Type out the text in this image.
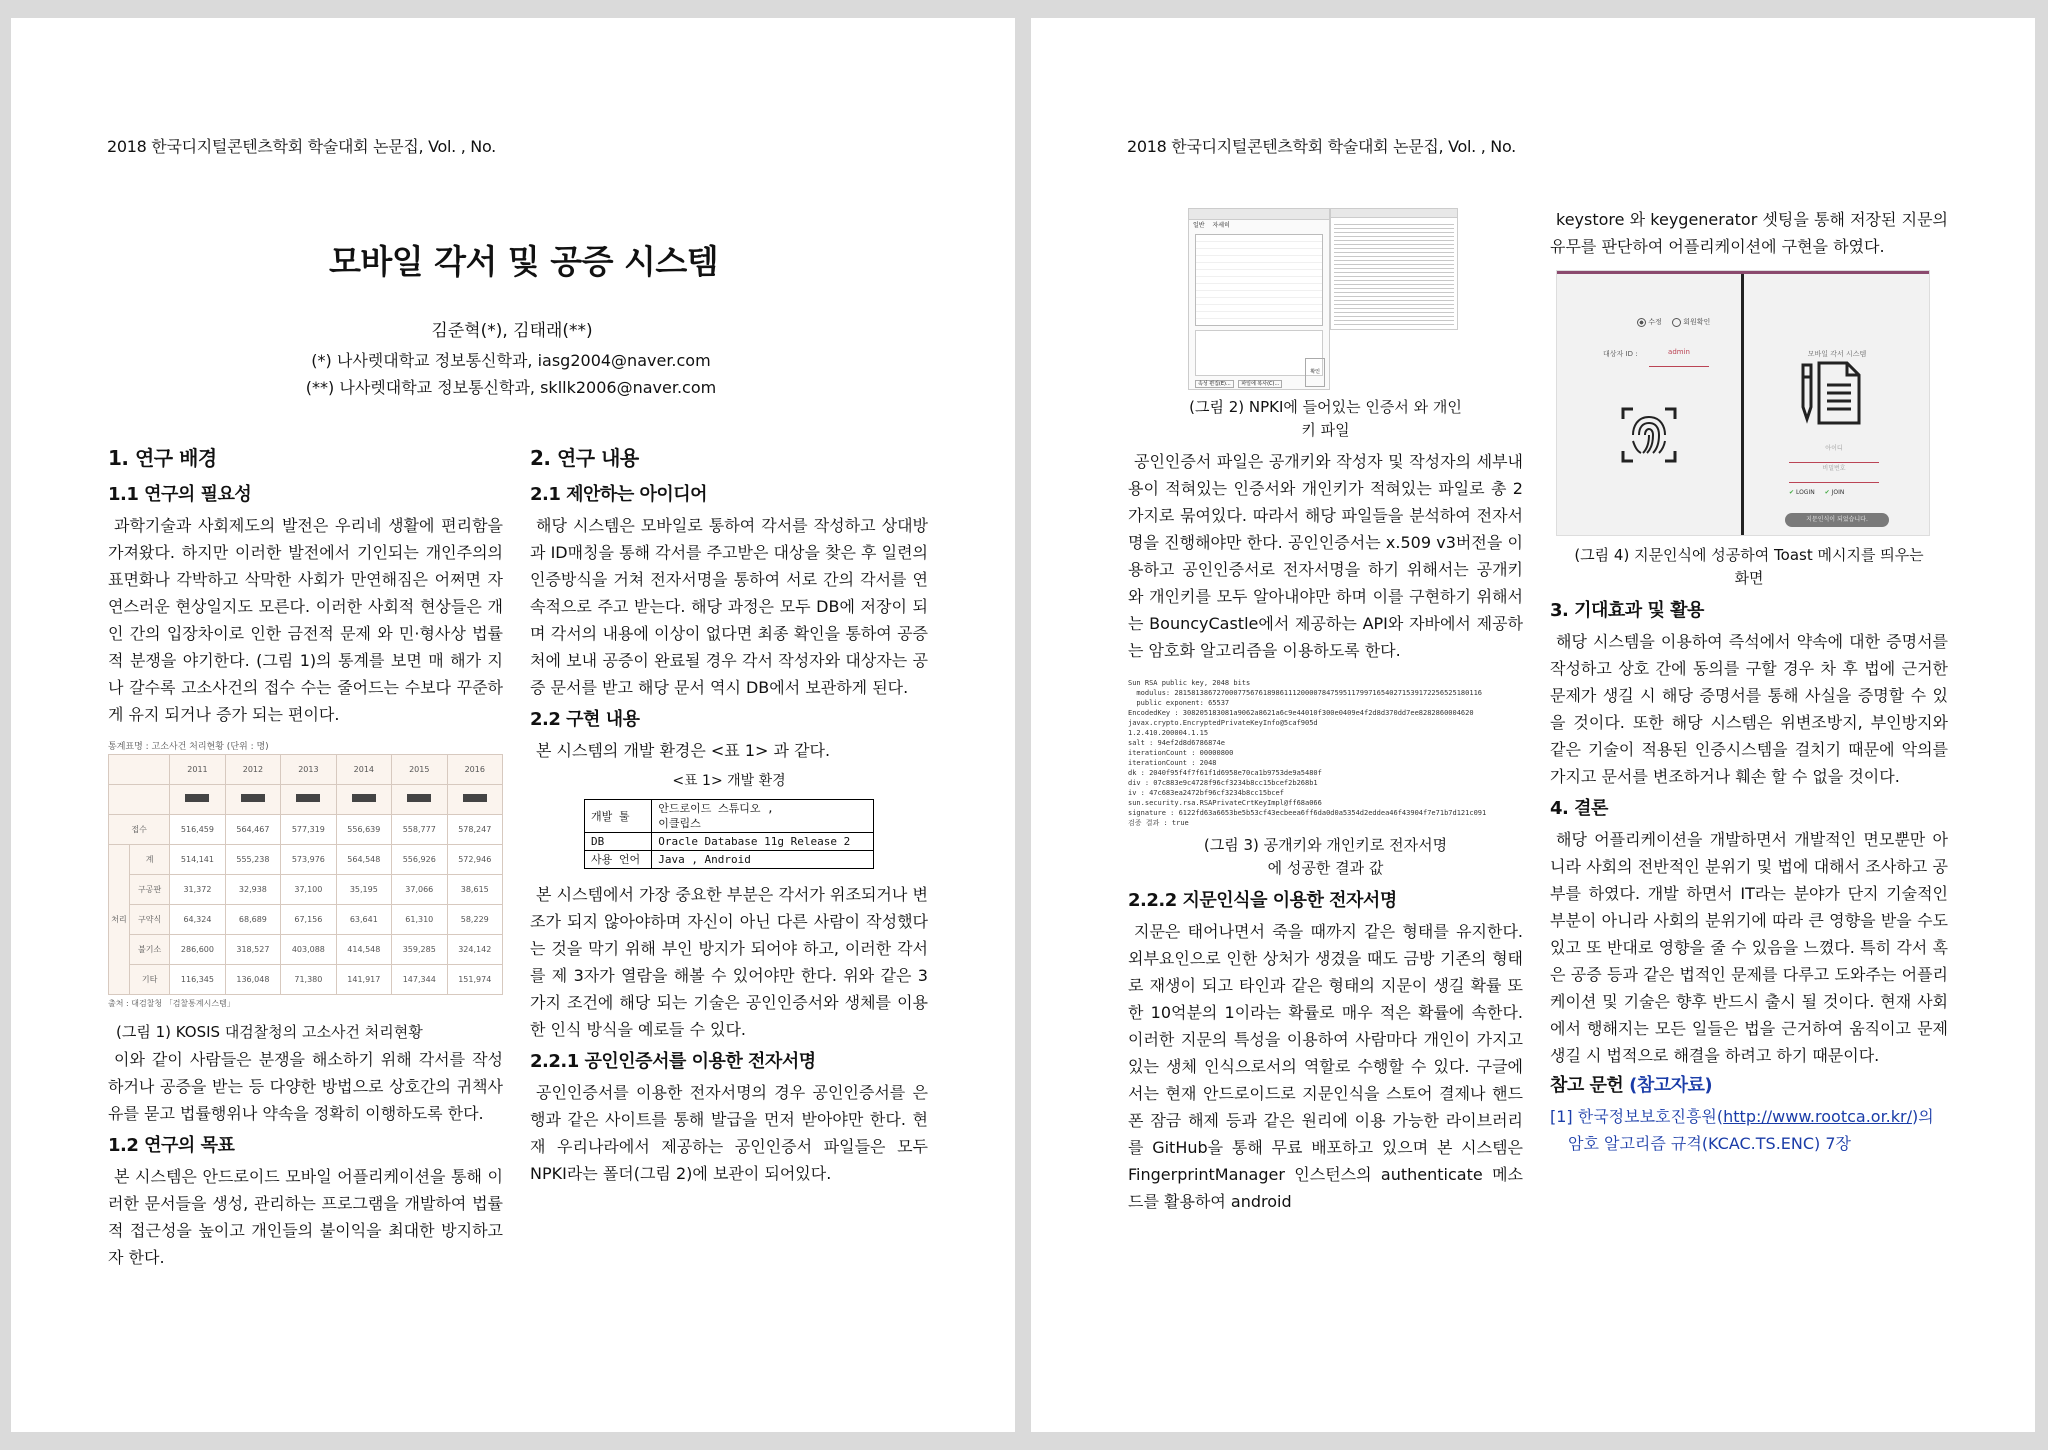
2018 한국디지털콘텐츠학회 학술대회 논문집, Vol. , No.
모바일 각서 및 공증 시스템
김준혁(*), 김태래(**)
(*) 나사렛대학교 정보통신학과, iasg2004@naver.com
(**) 나사렛대학교 정보통신학과, skllk2006@naver.com
1. 연구 배경
1.1 연구의 필요성

과학기술과 사회제도의 발전은 우리네 생활에 편리함을 가져왔다. 하지만 이러한 발전에서 기인되는 개인주의의 표면화나 각박하고 삭막한 사회가 만연해짐은 어쩌면 자연스러운 현상일지도 모른다. 이러한 사회적 현상들은 개인 간의 입장차이로 인한 금전적 문제 와 민·형사상 법률적 분쟁을 야기한다. (그림 1)의 통계를 보면 매 해가 지나 갈수록 고소사건의 접수 수는 줄어드는 수보다 꾸준하게 유지 되거나 증가 되는 편이다.

통계표명 : 고소사건 처리현황 (단위 : 명)
		2011	2012	2013	2014	2015	2016

접수		516,459	564,467	577,319	556,639	558,777	578,247
처리	계	514,141	555,238	573,976	564,548	556,926	572,946
	구공판	31,372	32,938	37,100	35,195	37,066	38,615
	구약식	64,324	68,689	67,156	63,641	61,310	58,229
	불기소	286,600	318,527	403,088	414,548	359,285	324,142
	기타	116,345	136,048	71,380	141,917	147,344	151,974
출처 : 대검찰청 「검찰통계시스템」
(그림 1) KOSIS 대검찰청의 고소사건 처리현황

이와 같이 사람들은 분쟁을 해소하기 위해 각서를 작성하거나 공증을 받는 등 다양한 방법으로 상호간의 귀책사유를 묻고 법률행위나 약속을 정확히 이행하도록 한다.

1.2 연구의 목표

본 시스템은 안드로이드 모바일 어플리케이션을 통해 이러한 문서들을 생성, 관리하는 프로그램을 개발하여 법률적 접근성을 높이고 개인들의 불이익을 최대한 방지하고자 한다.

2. 연구 내용
2.1 제안하는 아이디어

해당 시스템은 모바일로 통하여 각서를 작성하고 상대방과 ID매칭을 통해 각서를 주고받은 대상을 찾은 후 일련의 인증방식을 거쳐 전자서명을 통하여 서로 간의 각서를 연속적으로 주고 받는다. 해당 과정은 모두 DB에 저장이 되며 각서의 내용에 이상이 없다면 최종 확인을 통하여 공증처에 보내 공증이 완료될 경우 각서 작성자와 대상자는 공증 문서를 받고 해당 문서 역시 DB에서 보관하게 된다.

2.2 구현 내용

본 시스템의 개발 환경은 <표 1> 과 같다.

<표 1> 개발 환경
개발 툴	안드로이드 스튜디오 ,
이클립스
DB	Oracle Database 11g Release 2
사용 언어	Java , Android

본 시스템에서 가장 중요한 부분은 각서가 위조되거나 변조가 되지 않아야하며 자신이 아닌 다른 사람이 작성했다는 것을 막기 위해 부인 방지가 되어야 하고, 이러한 각서를 제 3자가 열람을 해볼 수 있어야만 한다. 위와 같은 3가지 조건에 해당 되는 기술은 공인인증서와 생체를 이용한 인식 방식을 예로들 수 있다.

2.2.1 공인인증서를 이용한 전자서명

공인인증서를 이용한 전자서명의 경우 공인인증서를 은행과 같은 사이트를 통해 발급을 먼저 받아야만 한다. 현재 우리나라에서 제공하는 공인인증서 파일들은 모두 NPKI라는 폴더(그림 2)에 보관이 되어있다.

2018 한국디지털콘텐츠학회 학술대회 논문집, Vol. , No.
일반 자세히
속성 편집(E)... 파일에 복사(C)...
확인
(그림 2) NPKI에 들어있는 인증서 와 개인키 파일

공인인증서 파일은 공개키와 작성자 및 작성자의 세부내용이 적혀있는 인증서와 개인키가 적혀있는 파일로 총 2가지로 묶여있다. 따라서 해당 파일들을 분석하여 전자서명을 진행해야만 한다. 공인인증서는 x.509 v3버전을 이용하고 공인인증서로 전자서명을 하기 위해서는 공개키와 개인키를 모두 알아내야만 하며 이를 구현하기 위해서는 BouncyCastle에서 제공하는 API와 자바에서 제공하는 암호화 알고리즘을 이용하도록 한다.

Sun RSA public key, 2048 bits
modulus: 2815813867270007756761898611120000784759511799716540271539172256525180116
public exponent: 65537
EncodedKey : 308205183081a9062a8621a6c9e44010f300e0409e4f2d8d370dd7ee8282860004620
javax.crypto.EncryptedPrivateKeyInfo@5caf905d
1.2.410.200004.1.15
salt : 94ef2d8d6786874e
iterationCount : 00000800
iterationCount : 2048
dk : 2040f95f4f7f61f1d6958e70ca1b9753de9a5480f
div : 07c883e9c4728f96cf3234b8cc15bcef2b268b1
iv : 47c683ea2472bf96cf3234b8cc15bcef
sun.security.rsa.RSAPrivateCrtKeyImpl@ff68a066
signature : 6122fd63a6653be5b53cf43ecbeea6ff6da0d0a5354d2eddea46f43904f7e71b7d121c091
검증 결과 : true
(그림 3) 공개키와 개인키로 전자서명에 성공한 결과 값
2.2.2 지문인식을 이용한 전자서명

지문은 태어나면서 죽을 때까지 같은 형태를 유지한다. 외부요인으로 인한 상처가 생겼을 때도 금방 기존의 형태로 재생이 되고 타인과 같은 형태의 지문이 생길 확률 또한 10억분의 1이라는 확률로 매우 적은 확률에 속한다. 이러한 지문의 특성을 이용하여 사람마다 개인이 가지고 있는 생체 인식으로서의 역할로 수행할 수 있다. 구글에서는 현재 안드로이드로 지문인식을 스토어 결제나 핸드폰 잠금 해제 등과 같은 원리에 이용 가능한 라이브러리를 GitHub을 통해 무료 배포하고 있으며 본 시스템은 FingerprintManager 인스턴스의 authenticate 메소드를 활용하여 android

keystore 와 keygenerator 셋팅을 통해 저장된 지문의 유무를 판단하여 어플리케이션에 구현을 하였다.

수정	회원확인
대상자 ID :	admin	모바일 각서 시스템
아이디
비밀번호
✔ LOGIN ✔ JOIN
지문인식이 되었습니다.
(그림 4) 지문인식에 성공하여 Toast 메시지를 띄우는 화면
3. 기대효과 및 활용

해당 시스템을 이용하여 즉석에서 약속에 대한 증명서를 작성하고 상호 간에 동의를 구할 경우 차 후 법에 근거한 문제가 생길 시 해당 증명서를 통해 사실을 증명할 수 있을 것이다. 또한 해당 시스템은 위변조방지, 부인방지와 같은 기술이 적용된 인증시스템을 걸치기 때문에 악의를 가지고 문서를 변조하거나 훼손 할 수 없을 것이다.

4. 결론

해당 어플리케이션을 개발하면서 개발적인 면모뿐만 아니라 사회의 전반적인 분위기 및 법에 대해서 조사하고 공부를 하였다. 개발 하면서 IT라는 분야가 단지 기술적인 부분이 아니라 사회의 분위기에 따라 큰 영향을 받을 수도 있고 또 반대로 영향을 줄 수 있음을 느꼈다. 특히 각서 혹은 공증 등과 같은 법적인 문제를 다루고 도와주는 어플리케이션 및 기술은 향후 반드시 출시 될 것이다. 현재 사회에서 행해지는 모든 일들은 법을 근거하여 움직이고 문제 생길 시 법적으로 해결을 하려고 하기 때문이다.

참고 문헌 (참고자료)
[1] 한국정보보호진흥원(http://www.rootca.or.kr/)의 암호 알고리즘 규격(KCAC.TS.ENC) 7장
